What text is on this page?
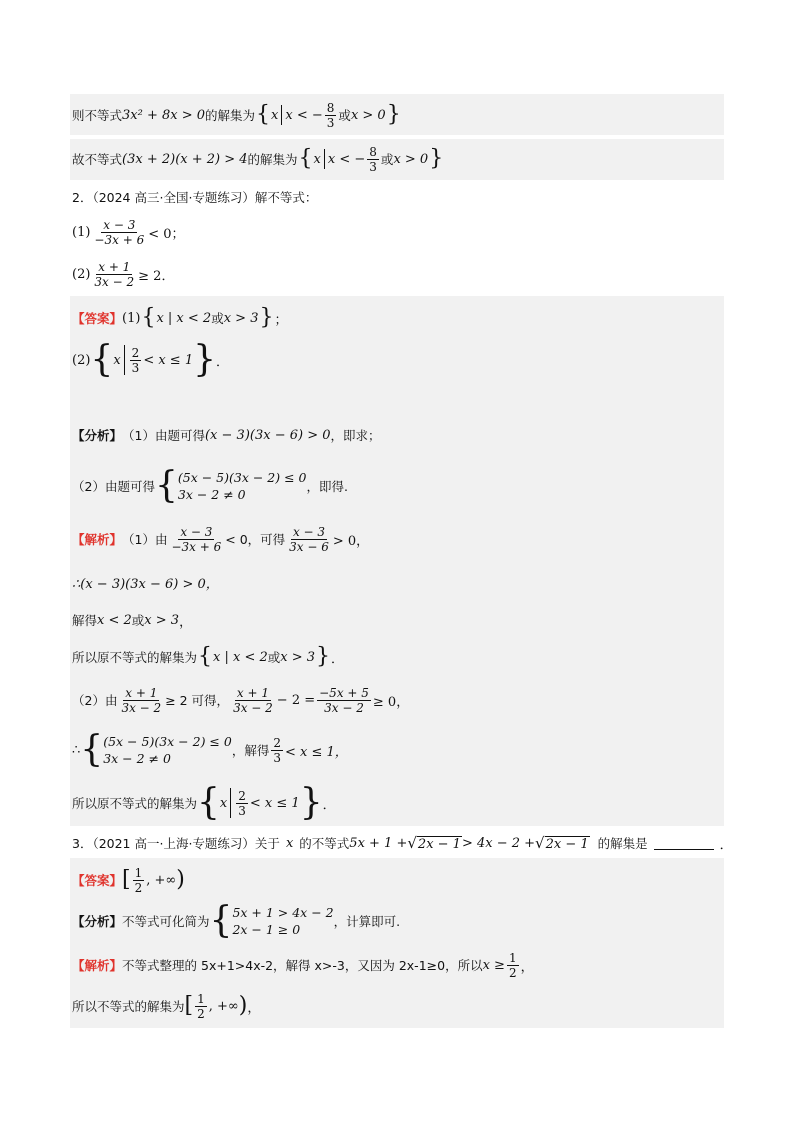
则不等式 3x² + 8x > 0 的解集为 { x x < − $\frac{8}{3}$ 或 x > 0 }
故不等式 (3x + 2)(x + 2) > 4 的解集为 { x x < − $\frac{8}{3}$ 或 x > 0 }
2．（2024 高三·全国·专题练习）解不等式：
$(1) \frac{x - 3}{-3x + 6} < 0$；
$(2) \frac{x + 1}{3x - 2} \ge 2$．
【答案】 (1) { x | x < 2 或 x > 3 } ；
(2) { x $\frac{2}{3} < x \le 1$ } ．
【分析】 （1）由题可得 (x − 3)(3x − 6) > 0 ，即求；
（2）由题可得 { (5x − 5)(3x − 2) ≤ 0
3x − 2 ≠ 0
，即得.
【解析】 （1）由 $\frac{x - 3}{-3x + 6} < 0$，可得 $\frac{x - 3}{3x - 6} > 0$，
∴(x − 3)(3x − 6) > 0，
解得 x < 2 或 x > 3 ，
所以原不等式的解集为 { x | x < 2 或 x > 3 } ．
（2）由 $\frac{x + 1}{3x - 2} \ge 2$ 可得， $\frac{x + 1}{3x - 2} - 2 = \frac{-5x + 5}{3x - 2} \ge 0$，
∴ { (5x − 5)(3x − 2) ≤ 0
3x − 2 ≠ 0
，解得 $\frac{2}{3} < x \le 1$，
所以原不等式的解集为 { x $\frac{2}{3} < x \le 1$ } ．
3．（2021 高一·上海·专题练习）关于 x 的不等式 5x + 1 + √ 2x − 1 > 4x − 2 + √ 2x − 1 的解集是	．
【答案】 [ $\frac{1}{2}$ , +∞ )
【分析】 不等式可化简为 { 5x + 1 > 4x − 2
2x − 1 ≥ 0
，计算即可.
【解析】 不等式整理的 5x+1>4x-2，解得 x>-3，又因为 2x-1≥0，所以 $x \ge \frac{1}{2}$ ，
所以不等式的解集为 [ $\frac{1}{2}$ , +∞ ) ，
